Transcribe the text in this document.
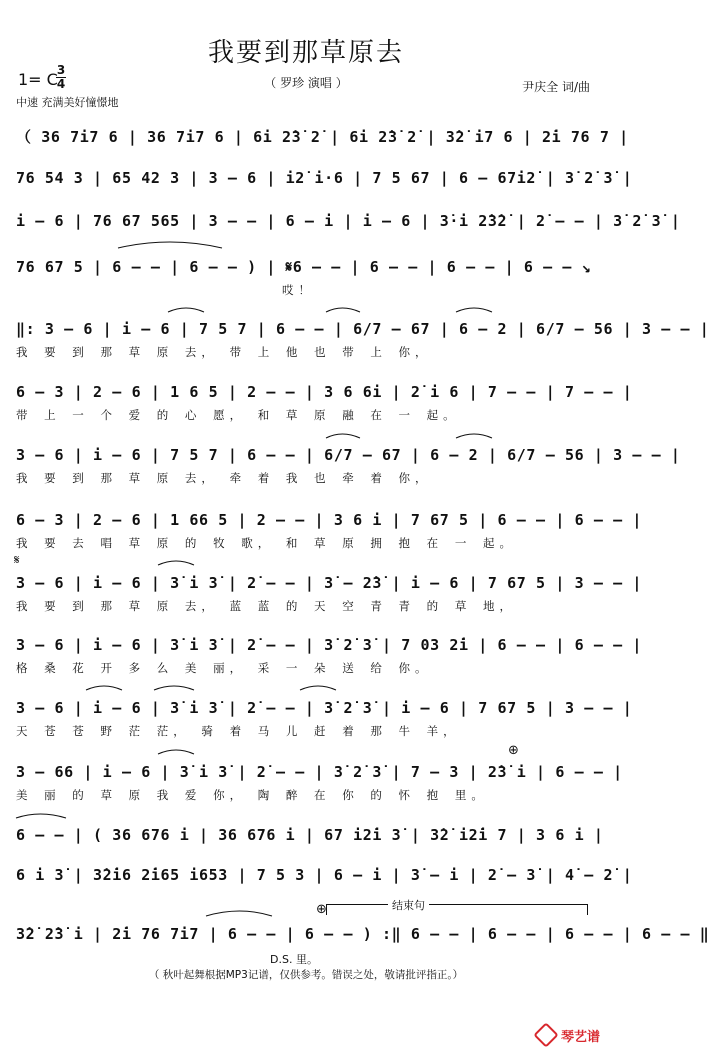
我要到那草原去
（ 罗珍 演唱 ）	尹庆全 词/曲
1= C
3
4
中速 充满美好憧憬地
（ 36 7i7 6 | 36 7i7 6 | 6i 2̇3̇ 2̇ | 6i 2̇3̇ 2̇ | 3̇2̇ i7 6 | 2̇i 76 7 |
76 54 3 | 65 42 3 | 3 – 6 | i2̇ i·6 | 7 5 67 | 6 – 67i2̇ | 3̇ 2̇ 3̇ |
i – 6 | 76 67 565 | 3 – – | 6 – i | i – 6 | 3̇·i 2̇3̇2̇ | 2̇ – – | 3̇ 2̇ 3̇ |
76 67 5 | 6 – – | 6 – – ) | 𝄋6 – – | 6 – – | 6 – – | 6 – – ↘
哎！
‖: 3 – 6 | i – 6 | 7 5 7 | 6 – – | 6/7 – 67 | 6 – 2 | 6/7 – 56 | 3 – – |
我 要 到 那 草 原 去， 带 上 他 也 带 上 你，
6 – 3 | 2 – 6 | 1 6 5 | 2 – – | 3 6 6i | 2̇ i 6 | 7 – – | 7 – – |
带 上 一 个 爱 的 心 愿， 和 草 原 融 在 一 起。
3 – 6 | i – 6 | 7 5 7 | 6 – – | 6/7 – 67 | 6 – 2 | 6/7 – 56 | 3 – – |
我 要 到 那 草 原 去， 牵 着 我 也 牵 着 你，
6 – 3 | 2 – 6 | 1 66 5 | 2 – – | 3 6 i | 7 67 5 | 6 – – | 6 – – |
我 要 去 唱 草 原 的 牧 歌， 和 草 原 拥 抱 在 一 起。
𝄋
3 – 6 | i – 6 | 3̇ i 3̇ | 2̇ – – | 3̇ – 2̇3̇ | i – 6 | 7 67 5 | 3 – – |
我 要 到 那 草 原 去， 蓝 蓝 的 天 空 青 青 的 草 地，
3 – 6 | i – 6 | 3̇ i 3̇ | 2̇ – – | 3̇ 2̇ 3̇ | 7 03 2̇i | 6 – – | 6 – – |
格 桑 花 开 多 么 美 丽， 采 一 朵 送 给 你。
3 – 6 | i – 6 | 3̇ i 3̇ | 2̇ – – | 3̇ 2̇ 3̇ | i – 6 | 7 67 5 | 3 – – |
天 苍 苍 野 茫 茫， 骑 着 马 儿 赶 着 那 牛 羊，
⊕
3 – 66 | i – 6 | 3̇ i 3̇ | 2̇ – – | 3̇ 2̇ 3̇ | 7 – 3 | 2̇3̇ i | 6 – – |
美 丽 的 草 原 我 爱 你， 陶 醉 在 你 的 怀 抱 里。
6 – – | ( 36 676 i | 36 676 i | 67 i2̇i 3̇ | 3̇2̇ i2̇i 7 | 3 6 i |
6 i 3̇ | 3̇2̇i6 2̇i65 i653 | 7 5 3 | 6 – i | 3̇ – i | 2̇ – 3̇ | 4̇ – 2̇ |
结束句
⊕
3̇2̇ 2̇3̇ i | 2̇i 76 7i7 | 6 – – | 6 – – ) :‖ 6 – – | 6 – – | 6 – – | 6 – – ‖
D.S. 里。
（ 秋叶起舞根据MP3记谱，仅供参考。错误之处，敬请批评指正。）
琴艺谱
